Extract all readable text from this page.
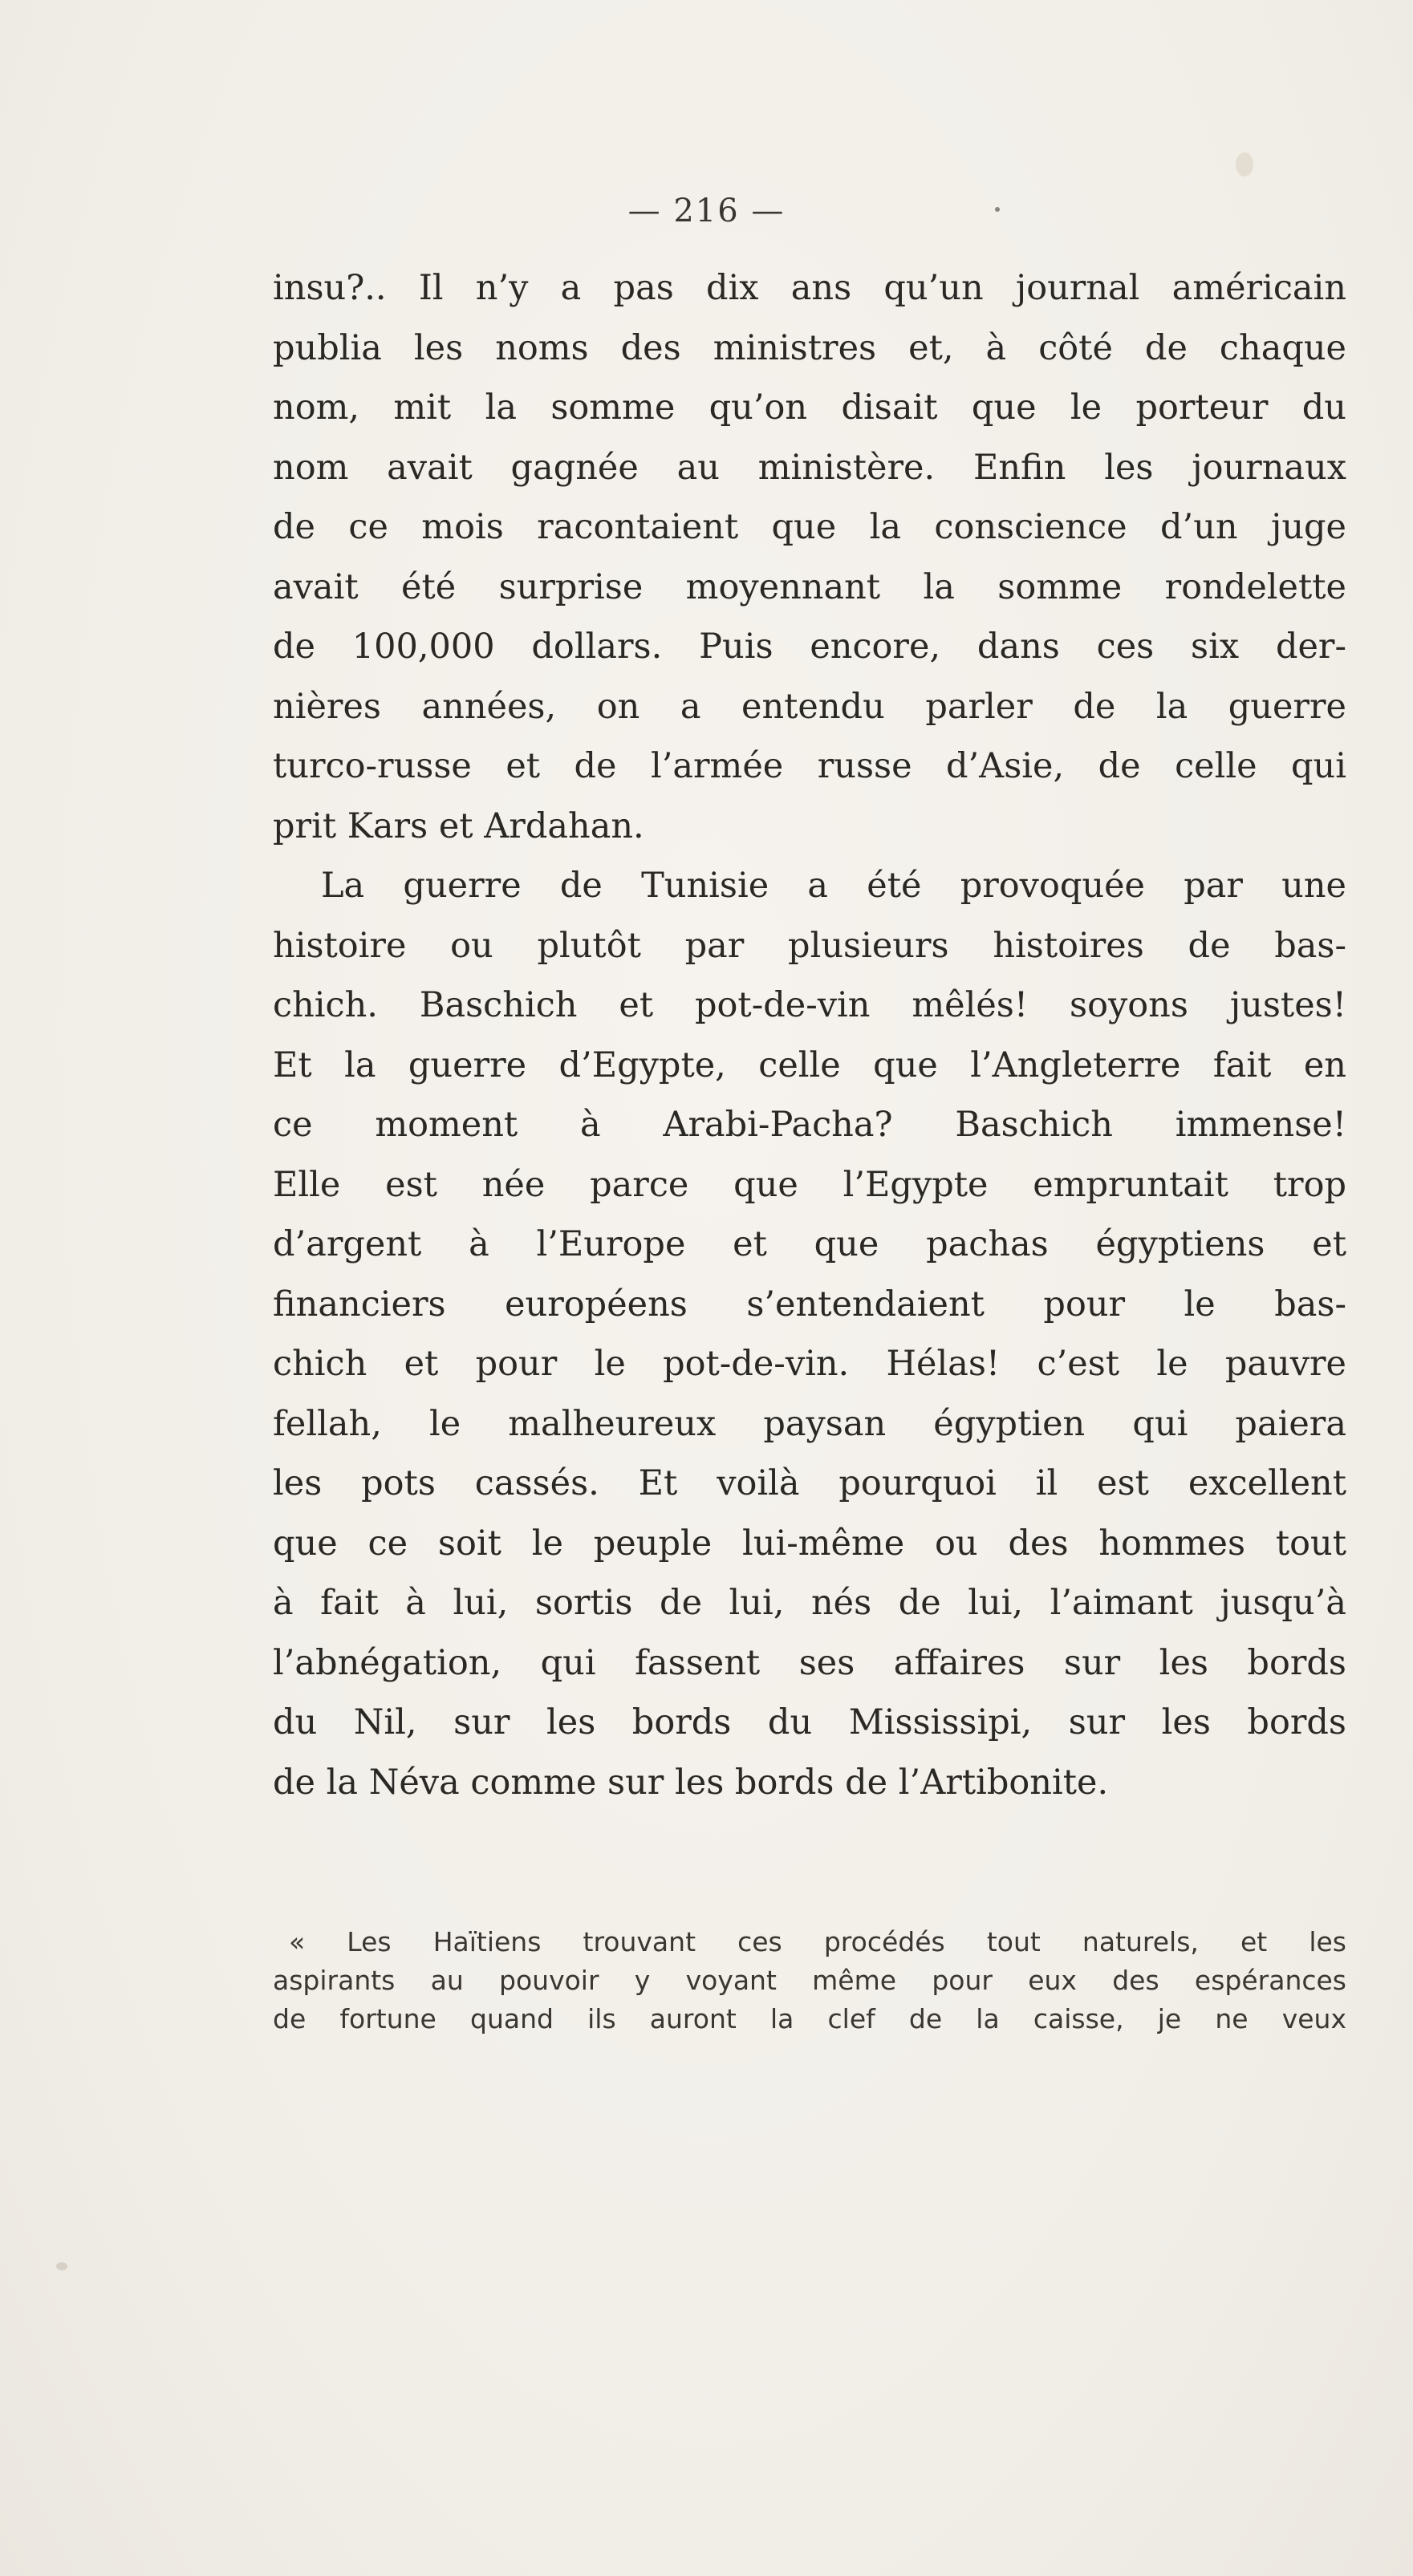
— 216 —
insu?.. Il n’y a pas dix ans qu’un journal américain
publia les noms des ministres et, à côté de chaque
nom, mit la somme qu’on disait que le porteur du
nom avait gagnée au ministère. Enfin les journaux
de ce mois racontaient que la conscience d’un juge
avait été surprise moyennant la somme rondelette
de 100,000 dollars. Puis encore, dans ces six der-
nières années, on a entendu parler de la guerre
turco-russe et de l’armée russe d’Asie, de celle qui
prit Kars et Ardahan.
La guerre de Tunisie a été provoquée par une
histoire ou plutôt par plusieurs histoires de bas-
chich. Baschich et pot-de-vin mêlés! soyons justes!
Et la guerre d’Egypte, celle que l’Angleterre fait en
ce moment à Arabi-Pacha? Baschich immense!
Elle est née parce que l’Egypte empruntait trop
d’argent à l’Europe et que pachas égyptiens et
financiers européens s’entendaient pour le bas-
chich et pour le pot-de-vin. Hélas! c’est le pauvre
fellah, le malheureux paysan égyptien qui paiera
les pots cassés. Et voilà pourquoi il est excellent
que ce soit le peuple lui-même ou des hommes tout
à fait à lui, sortis de lui, nés de lui, l’aimant jusqu’à
l’abnégation, qui fassent ses affaires sur les bords
du Nil, sur les bords du Mississipi, sur les bords
de la Néva comme sur les bords de l’Artibonite.
« Les Haïtiens trouvant ces procédés tout naturels, et les
aspirants au pouvoir y voyant même pour eux des espérances
de fortune quand ils auront la clef de la caisse, je ne veux
